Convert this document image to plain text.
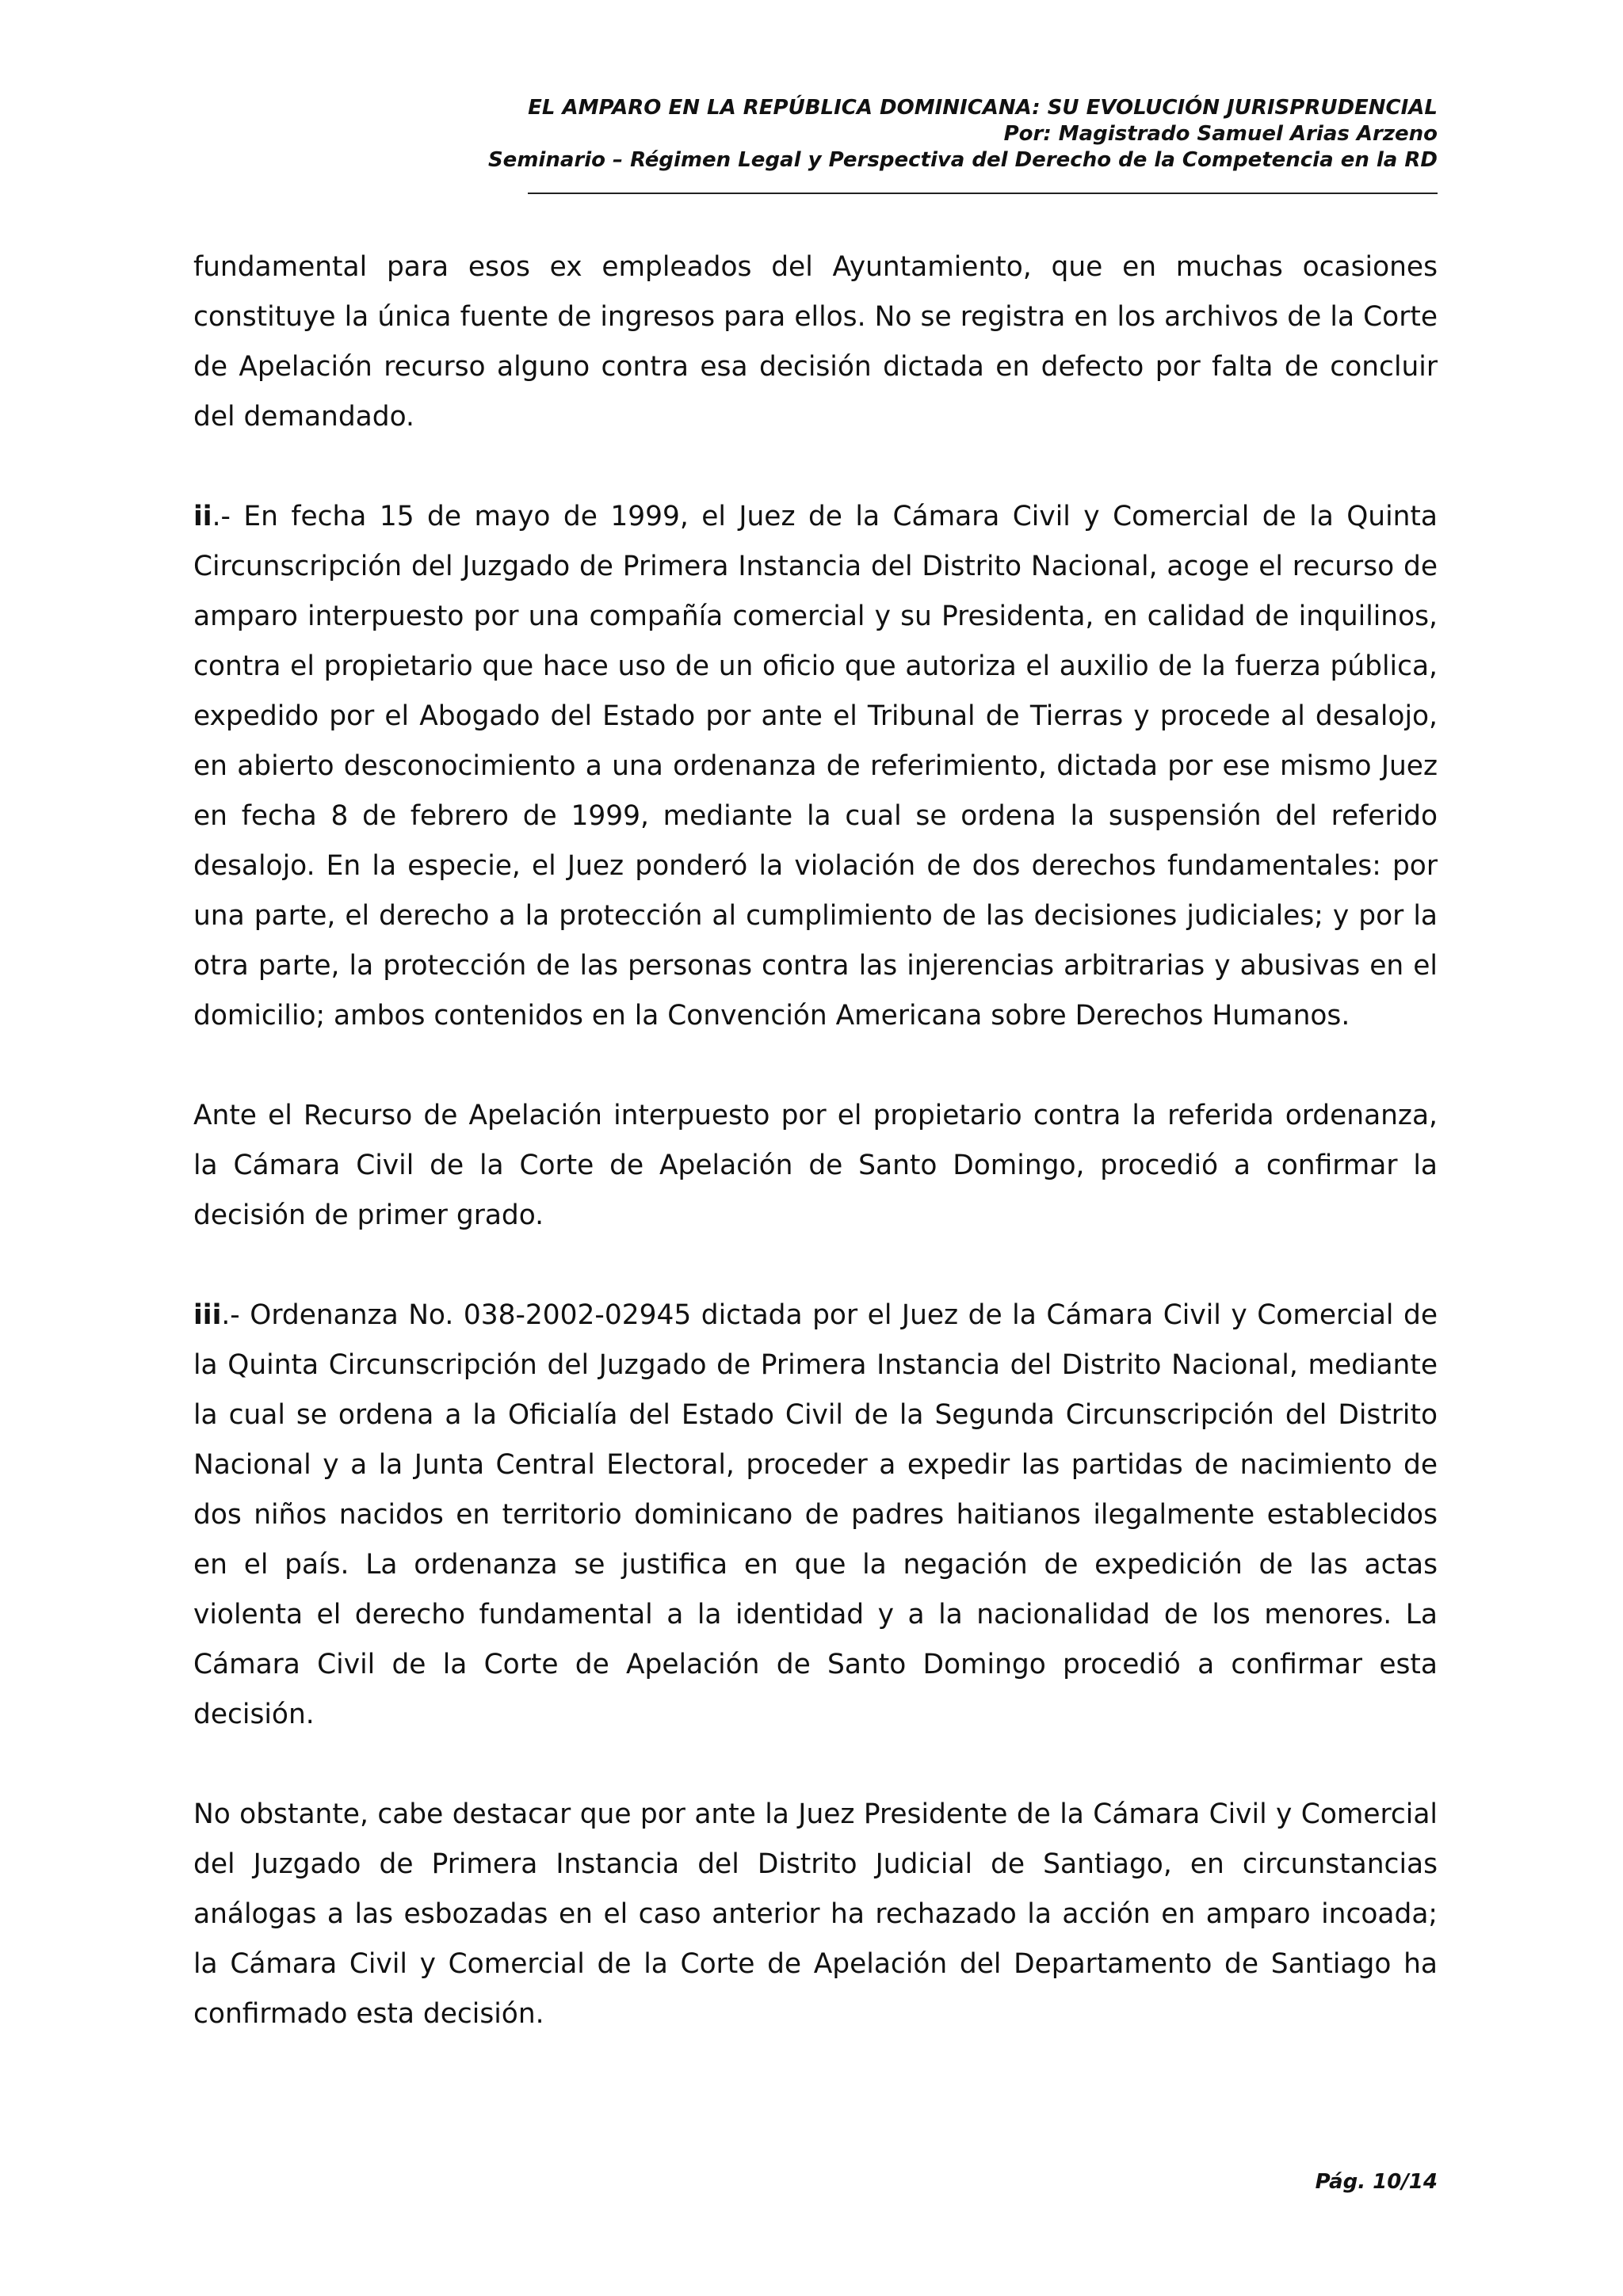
EL AMPARO EN LA REPÚBLICA DOMINICANA: SU EVOLUCIÓN JURISPRUDENCIAL
Por: Magistrado Samuel Arias Arzeno
Seminario – Régimen Legal y Perspectiva del Derecho de la Competencia en la RD

fundamental para esos ex empleados del Ayuntamiento, que en muchas ocasiones constituye la única fuente de ingresos para ellos. No se registra en los archivos de la Corte de Apelación recurso alguno contra esa decisión dictada en defecto por falta de concluir del demandado.

ii.- En fecha 15 de mayo de 1999, el Juez de la Cámara Civil y Comercial de la Quinta Circunscripción del Juzgado de Primera Instancia del Distrito Nacional, acoge el recurso de amparo interpuesto por una compañía comercial y su Presidenta, en calidad de inquilinos, contra el propietario que hace uso de un oficio que autoriza el auxilio de la fuerza pública, expedido por el Abogado del Estado por ante el Tribunal de Tierras y procede al desalojo, en abierto desconocimiento a una ordenanza de referimiento, dictada por ese mismo Juez en fecha 8 de febrero de 1999, mediante la cual se ordena la suspensión del referido desalojo. En la especie, el Juez ponderó la violación de dos derechos fundamentales: por una parte, el derecho a la protección al cumplimiento de las decisiones judiciales; y por la otra parte, la protección de las personas contra las injerencias arbitrarias y abusivas en el domicilio; ambos contenidos en la Convención Americana sobre Derechos Humanos.

Ante el Recurso de Apelación interpuesto por el propietario contra la referida ordenanza, la Cámara Civil de la Corte de Apelación de Santo Domingo, procedió a confirmar la decisión de primer grado.

iii.- Ordenanza No. 038-2002-02945 dictada por el Juez de la Cámara Civil y Comercial de la Quinta Circunscripción del Juzgado de Primera Instancia del Distrito Nacional, mediante la cual se ordena a la Oficialía del Estado Civil de la Segunda Circunscripción del Distrito Nacional y a la Junta Central Electoral, proceder a expedir las partidas de nacimiento de dos niños nacidos en territorio dominicano de padres haitianos ilegalmente establecidos en el país. La ordenanza se justifica en que la negación de expedición de las actas violenta el derecho fundamental a la identidad y a la nacionalidad de los menores. La Cámara Civil de la Corte de Apelación de Santo Domingo procedió a confirmar esta decisión.

No obstante, cabe destacar que por ante la Juez Presidente de la Cámara Civil y Comercial del Juzgado de Primera Instancia del Distrito Judicial de Santiago, en circunstancias análogas a las esbozadas en el caso anterior ha rechazado la acción en amparo incoada; la Cámara Civil y Comercial de la Corte de Apelación del Departamento de Santiago ha confirmado esta decisión.

Pág. 10/14
